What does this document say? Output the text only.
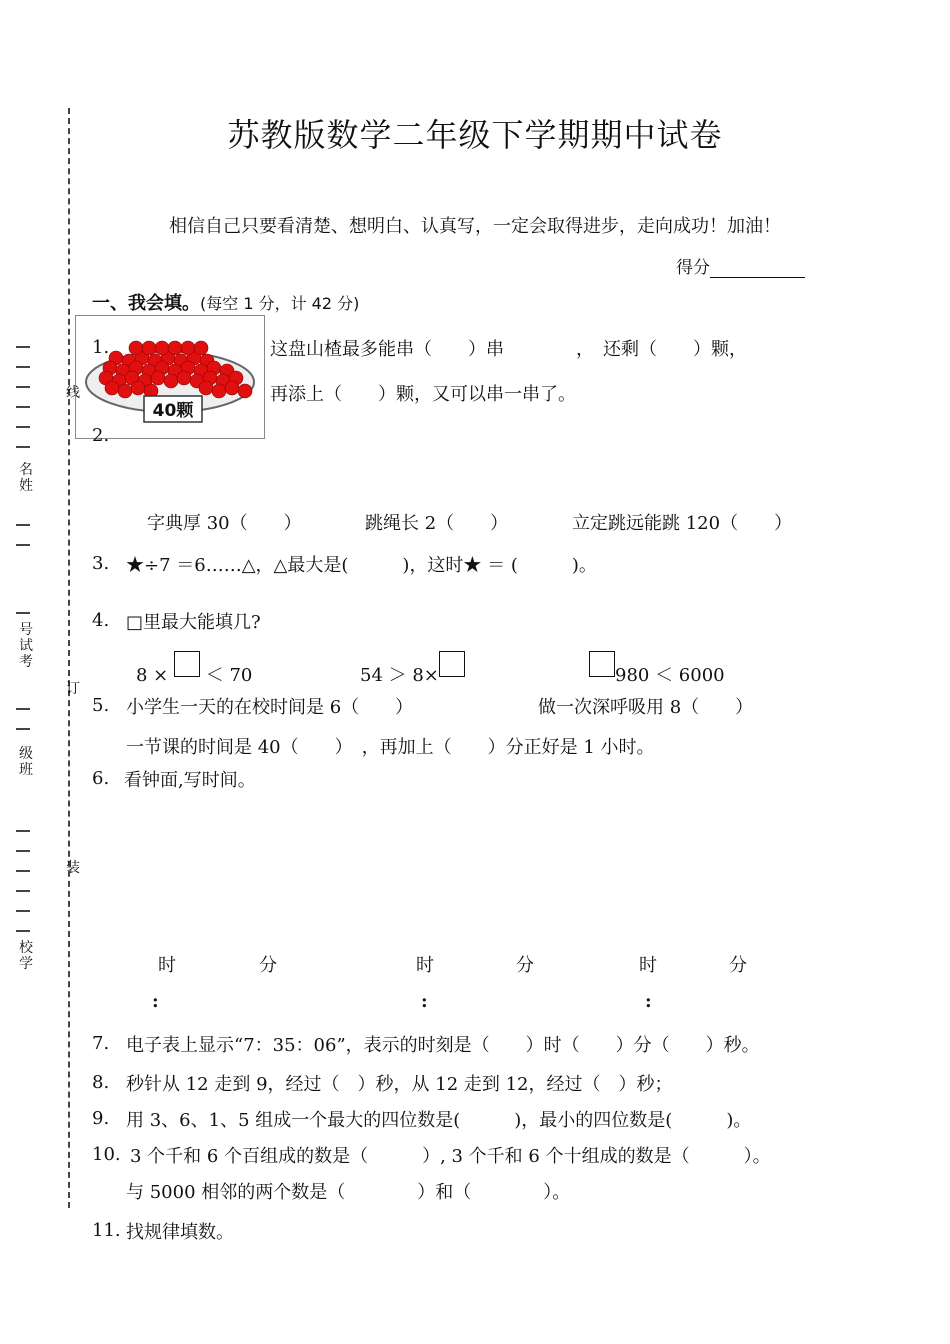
线
订
装
名
姓
号
试
考
级
班
校
学
苏教版数学二年级下学期期中试卷
相信自己只要看清楚、想明白、认真写，一定会取得进步，走向成功！加油！
得分
一、我会填。(每空 1 分，计 42 分)
40颗
1.	这盘山楂最多能串（　　）串　　　　，　还剩（　　）颗，
再添上（　　）颗，又可以串一串了。
2.
字典厚 30（　　）	跳绳长 2（　　）	立定跳远能跳 120（　　）
3. ★÷7 ＝6……△，△最大是(　　　)，这时★ ＝ (　　　)。
4. □里最大能填几?
8 × ＜ 70	54 ＞ 8×	980 ＜ 6000
5. 小学生一天的在校时间是 6（　　）	做一次深呼吸用 8（　　）
一节课的时间是 40（　　）　，再加上（　　）分正好是 1 小时。
6. 看钟面,写时间。
时	分
:
时	分
:
时	分
:
7. 电子表上显示“7：35：06”，表示的时刻是（　　）时（　　）分（　　）秒。
8. 秒针从 12 走到 9，经过（　）秒，从 12 走到 12，经过（　）秒；
9. 用 3、6、1、5 组成一个最大的四位数是(　　　)，最小的四位数是(　　　)。
10. 3 个千和 6 个百组成的数是（　　　）, 3 个千和 6 个十组成的数是（　　　）。
与 5000 相邻的两个数是（　　　　）和（　　　　）。
11. 找规律填数。
